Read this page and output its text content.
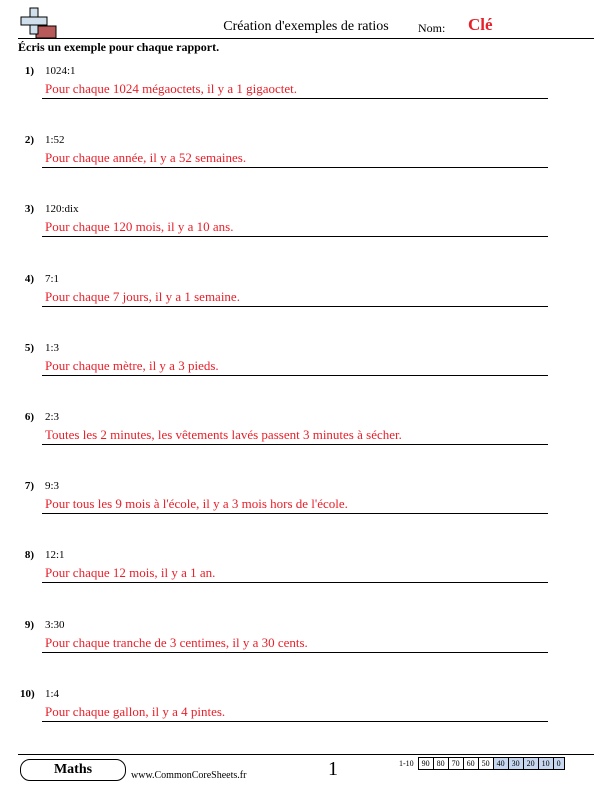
Création d'exemples de ratios	Nom: Clé
Écris un exemple pour chaque rapport.
1) 1024:1
Pour chaque 1024 mégaoctets, il y a 1 gigaoctet.
2) 1:52
Pour chaque année, il y a 52 semaines.
3) 120:dix
Pour chaque 120 mois, il y a 10 ans.
4) 7:1
Pour chaque 7 jours, il y a 1 semaine.
5) 1:3
Pour chaque mètre, il y a 3 pieds.
6) 2:3
Toutes les 2 minutes, les vêtements lavés passent 3 minutes à sécher.
7) 9:3
Pour tous les 9 mois à l'école, il y a 3 mois hors de l'école.
8) 12:1
Pour chaque 12 mois, il y a 1 an.
9) 3:30
Pour chaque tranche de 3 centimes, il y a 30 cents.
10) 1:4
Pour chaque gallon, il y a 4 pintes.
Maths	www.CommonCoreSheets.fr	1	1-10	90	80	70	60	50	40	30	20	10	0
